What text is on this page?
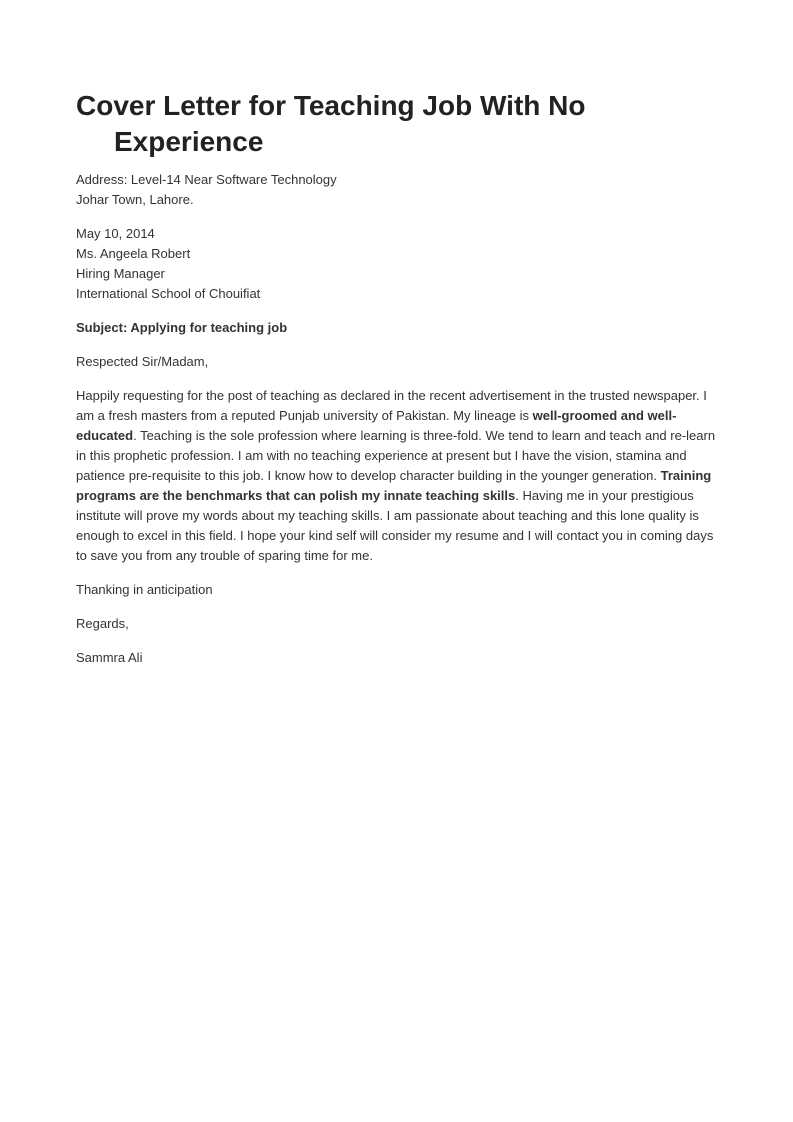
Cover Letter for Teaching Job With No
Experience

Address: Level-14 Near Software Technology

Johar Town, Lahore.

May 10, 2014

Ms. Angeela Robert

Hiring Manager

International School of Chouifiat

Subject: Applying for teaching job

Respected Sir/Madam,

Happily requesting for the post of teaching as declared in the recent advertisement in the trusted newspaper. I am a fresh masters from a reputed Punjab university of Pakistan. My lineage is well-groomed and well-educated. Teaching is the sole profession where learning is three-fold. We tend to learn and teach and re-learn in this prophetic profession. I am with no teaching experience at present but I have the vision, stamina and patience pre-requisite to this job. I know how to develop character building in the younger generation. Training programs are the benchmarks that can polish my innate teaching skills. Having me in your prestigious institute will prove my words about my teaching skills. I am passionate about teaching and this lone quality is enough to excel in this field. I hope your kind self will consider my resume and I will contact you in coming days to save you from any trouble of sparing time for me.

Thanking in anticipation

Regards,

Sammra Ali
